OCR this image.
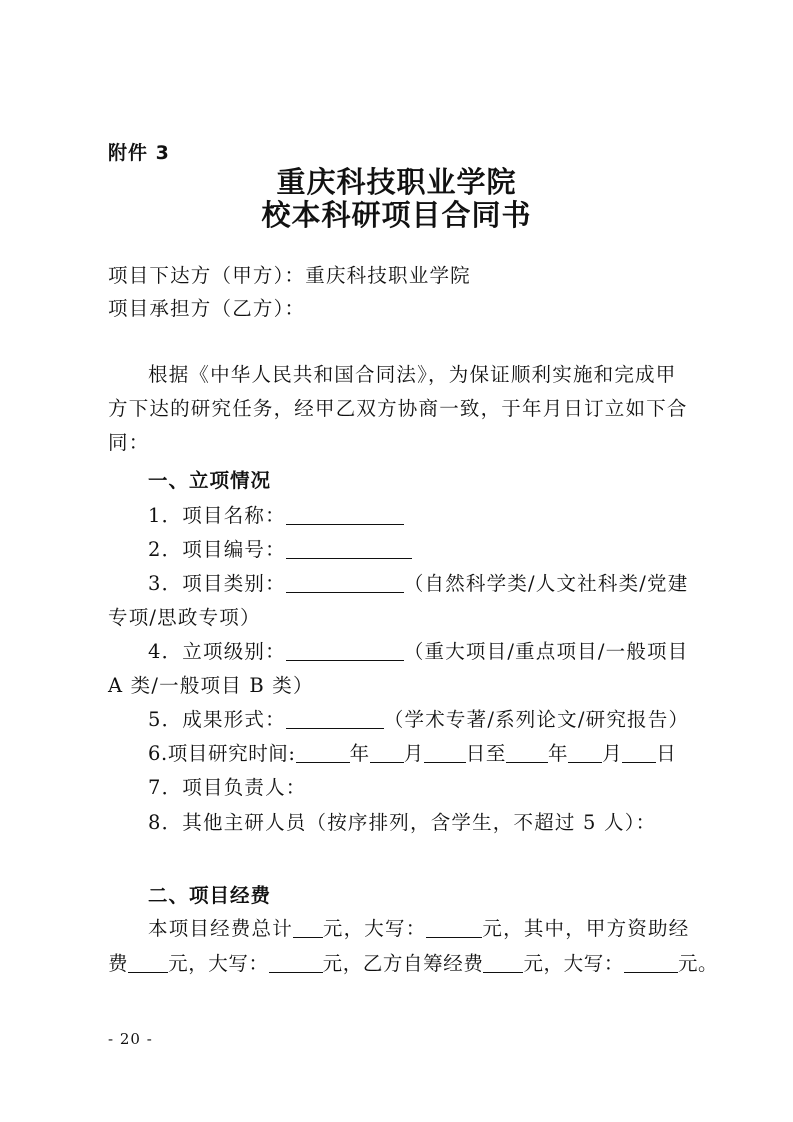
附件 3
重庆科技职业学院
校本科研项目合同书
项目下达方（甲方）：重庆科技职业学院
项目承担方（乙方）：
根据《中华人民共和国合同法》，为保证顺利实施和完成甲
方下达的研究任务，经甲乙双方协商一致，于年月日订立如下合
同：
一、立项情况
1．项目名称：
2．项目编号：
3．项目类别：	（自然科学类/人文社科类/党建
专项/思政专项）
4．立项级别：	（重大项目/重点项目/一般项目
A 类/一般项目 B 类）
5．成果形式：	（学术专著/系列论文/研究报告）
6.项目研究时间:	年 月 日至 年 月 日
7．项目负责人：
8．其他主研人员（按序排列，含学生，不超过 5 人）：
二、项目经费
本项目经费总计 元，大写：	元，其中，甲方资助经
费 元，大写：	元，乙方自筹经费 元，大写：	元。
- 20 -
